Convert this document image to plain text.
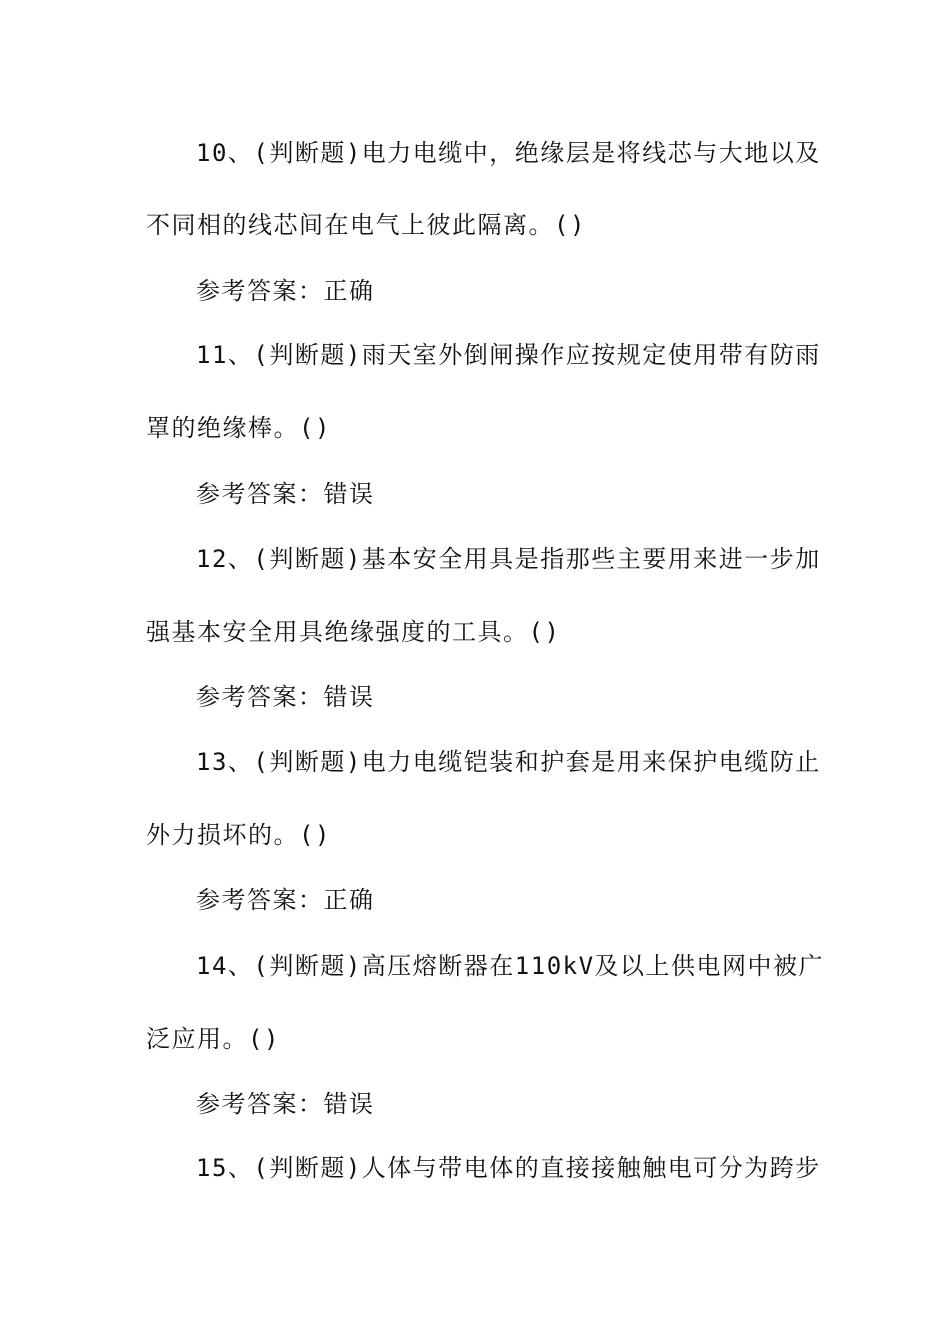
10、(判断题)电力电缆中，绝缘层是将线芯与大地以及
不同相的线芯间在电气上彼此隔离。()
参考答案：正确
11、(判断题)雨天室外倒闸操作应按规定使用带有防雨
罩的绝缘棒。()
参考答案：错误
12、(判断题)基本安全用具是指那些主要用来进一步加
强基本安全用具绝缘强度的工具。()
参考答案：错误
13、(判断题)电力电缆铠装和护套是用来保护电缆防止
外力损坏的。()
参考答案：正确
14、(判断题)高压熔断器在110kV及以上供电网中被广
泛应用。()
参考答案：错误
15、(判断题)人体与带电体的直接接触触电可分为跨步
